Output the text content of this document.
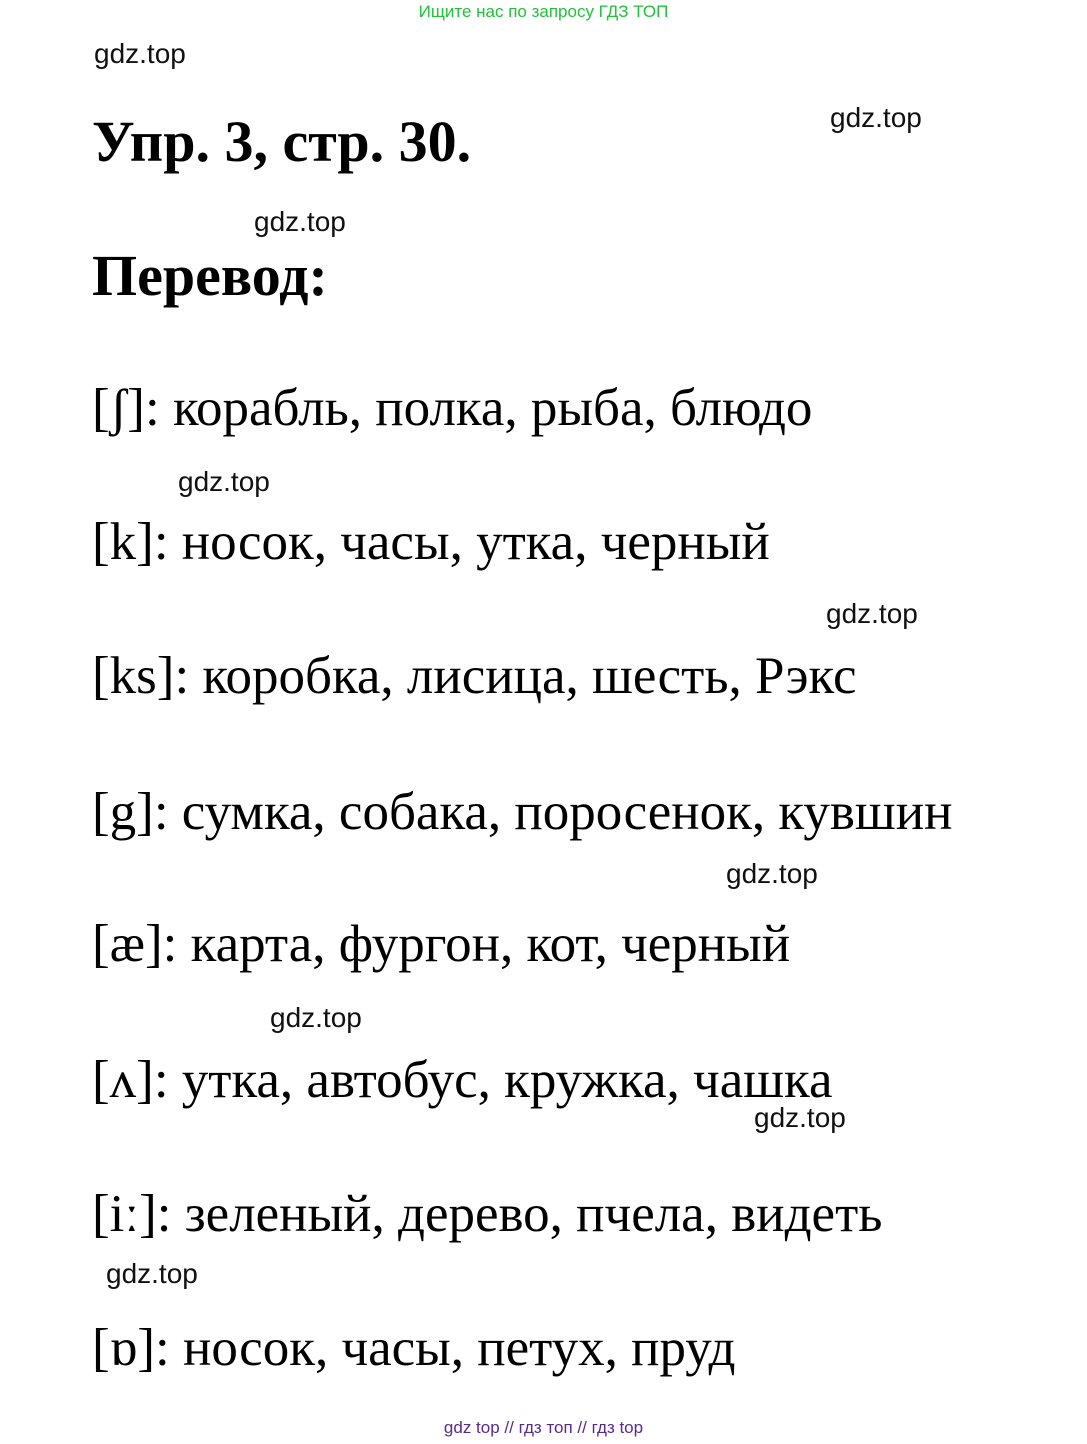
Ищите нас по запросу ГДЗ ТОП
gdz.top
gdz.top
gdz.top
gdz.top
gdz.top
gdz.top
gdz.top
gdz.top
gdz.top
Упр. 3, стр. 30.
Перевод:
[ʃ]: корабль, полка, рыба, блюдо
[k]: носок, часы, утка, черный
[ks]: коробка, лисица, шесть, Рэкс
[g]: сумка, собака, поросенок, кувшин
[æ]: карта, фургон, кот, черный
[ʌ]: утка, автобус, кружка, чашка
[iː]: зеленый, дерево, пчела, видеть
[ɒ]: носок, часы, петух, пруд
gdz top // гдз топ // гдз top
